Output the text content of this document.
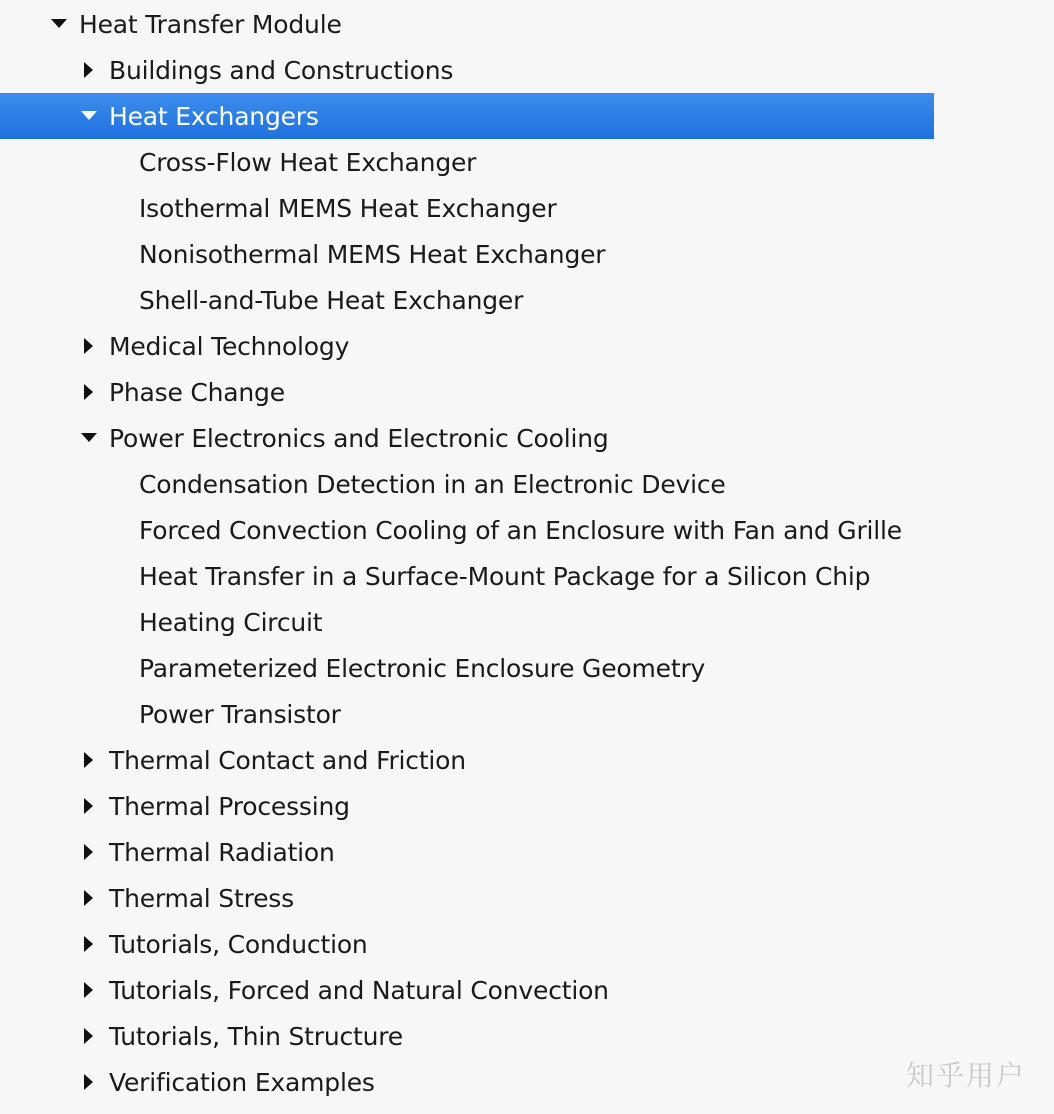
Heat Transfer Module
Buildings and Constructions
Heat Exchangers
Cross-Flow Heat Exchanger
Isothermal MEMS Heat Exchanger
Nonisothermal MEMS Heat Exchanger
Shell-and-Tube Heat Exchanger
Medical Technology
Phase Change
Power Electronics and Electronic Cooling
Condensation Detection in an Electronic Device
Forced Convection Cooling of an Enclosure with Fan and Grille
Heat Transfer in a Surface-Mount Package for a Silicon Chip
Heating Circuit
Parameterized Electronic Enclosure Geometry
Power Transistor
Thermal Contact and Friction
Thermal Processing
Thermal Radiation
Thermal Stress
Tutorials, Conduction
Tutorials, Forced and Natural Convection
Tutorials, Thin Structure
Verification Examples	知乎用户
